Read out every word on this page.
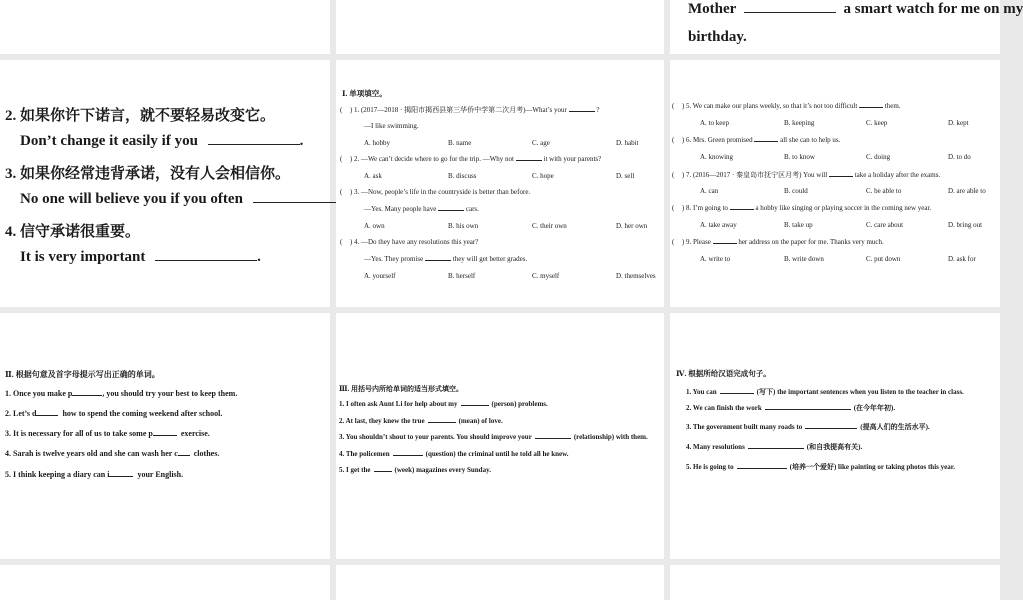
Mother	a smart watch for me on my
birthday.
2. 如果你许下诺言，就不要轻易改变它。
Don’t change it easily if you	.
3. 如果你经常违背承诺，没有人会相信你。
No one will believe you if you often
4. 信守承诺很重要。
It is very important	.
Ⅰ. 单项填空。
( ) 1. (2017—2018 · 揭阳市揭西县第三华侨中学第二次月考)—What’s your	?
—I like swimming.
A. hobby	B. name	C. age	D. habit
( ) 2. —We can’t decide where to go for the trip. —Why not	it with your parents?
A. ask	B. discuss	C. hope	D. sell
( ) 3. —Now, people’s life in the countryside is better than before.
—Yes. Many people have	cars.
A. own	B. his own	C. their own	D. her own
( ) 4. —Do they have any resolutions this year?
—Yes. They promise	they will get better grades.
A. yourself	B. herself	C. myself	D. themselves
( ) 5. We can make our plans weekly, so that it’s not too difficult	them.
A. to keep	B. keeping	C. keep	D. kept
( ) 6. Mrs. Green promised	all she can to help us.
A. knowing	B. to know	C. doing	D. to do
( ) 7. (2016—2017 · 秦皇岛市抚宁区月考) You will	take a holiday after the exams.
A. can	B. could	C. be able to	D. are able to
( ) 8. I’m going to	a hobby like singing or playing soccer in the coming new year.
A. take away	B. take up	C. care about	D. bring out
( ) 9. Please	her address on the paper for me. Thanks very much.
A. write to	B. write down	C. put down	D. ask for
Ⅱ. 根据句意及首字母提示写出正确的单词。
1. Once you make p	, you should try your best to keep them.
2. Let’s d	how to spend the coming weekend after school.
3. It is necessary for all of us to take some p	exercise.
4. Sarah is twelve years old and she can wash her c clothes.
5. I think keeping a diary can i	your English.
Ⅲ. 用括号内所给单词的适当形式填空。
1. I often ask Aunt Li for help about my	(person) problems.
2. At last, they knew the true	(mean) of love.
3. You shouldn’t shout to your parents. You should improve your	(relationship) with them.
4. The policemen	(question) the criminal until he told all he knew.
5. I get the	(week) magazines every Sunday.
Ⅳ. 根据所给汉语完成句子。
1. You can	(写下) the important sentences when you listen to the teacher in class.
2. We can finish the work	(在今年年初).
3. The government built many roads to	(提高人们的生活水平).
4. Many resolutions	(和自我提高有关).
5. He is going to	(培养一个爱好) like painting or taking photos this year.
